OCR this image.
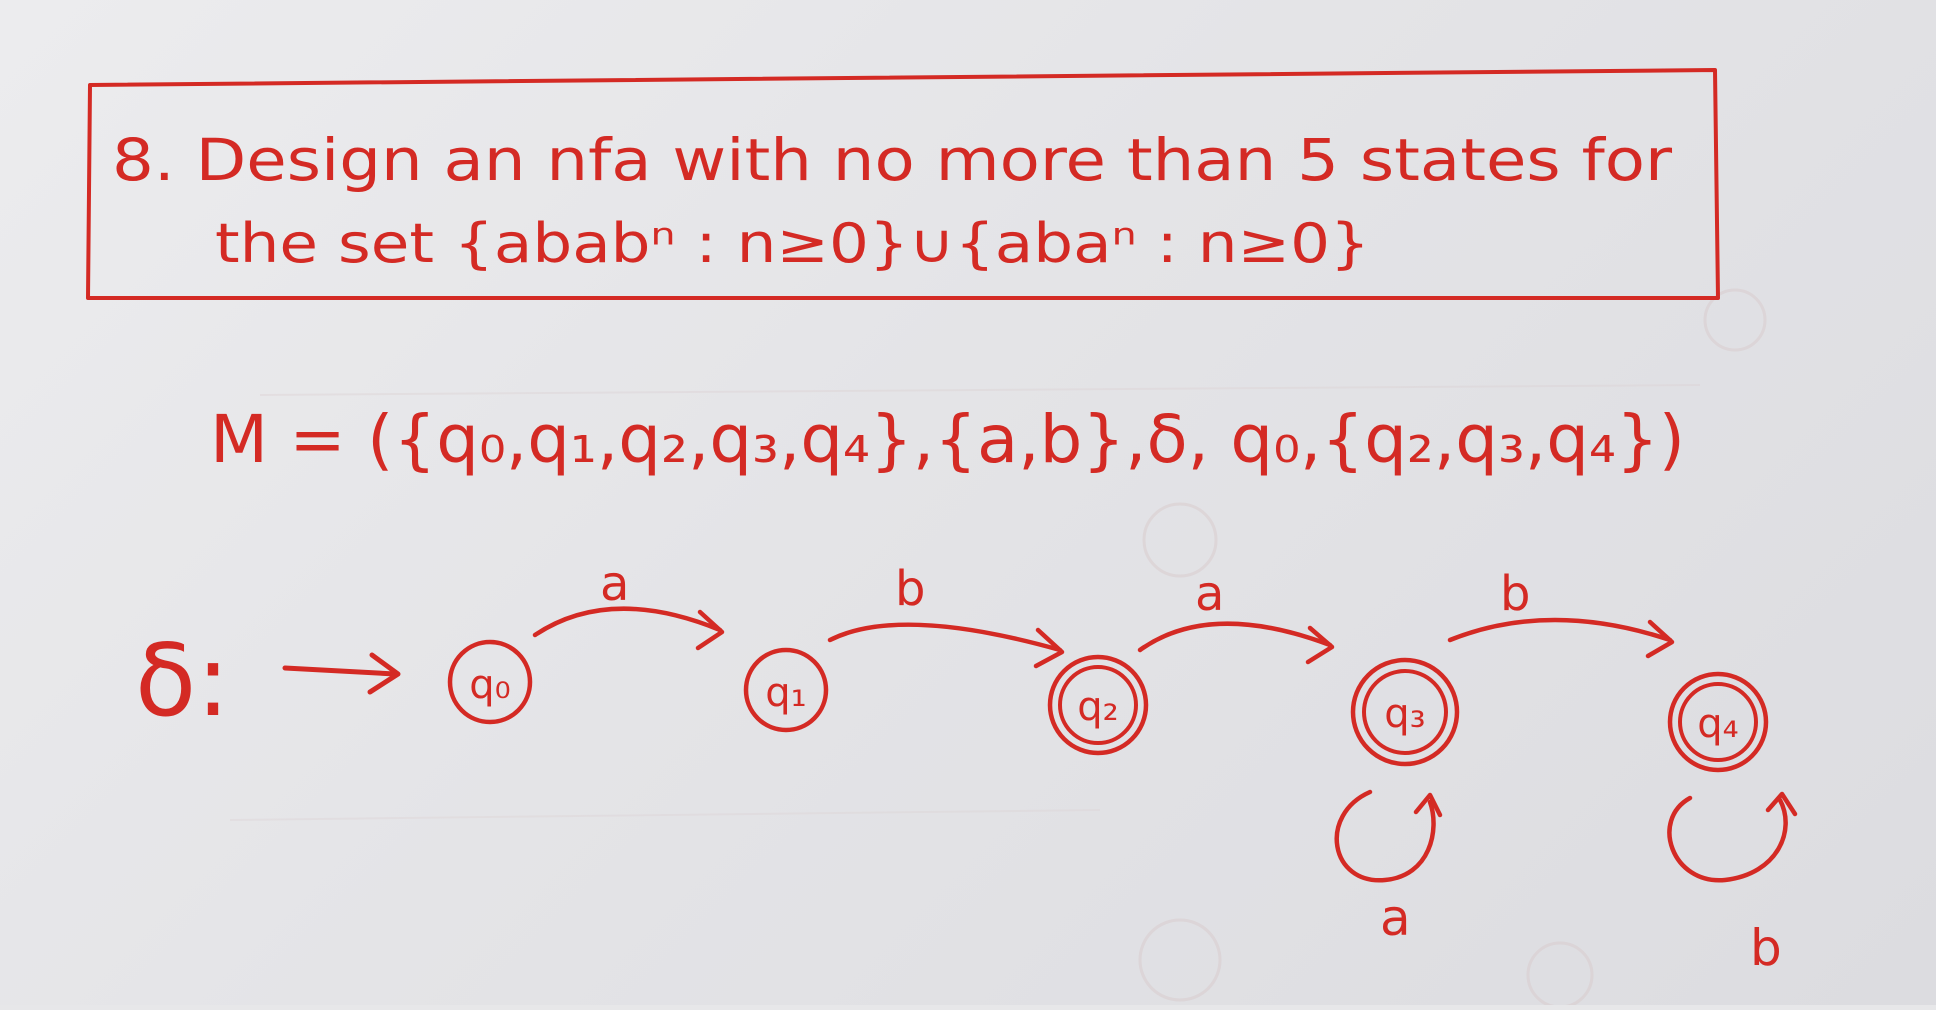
8. Design an nfa with no more than 5 states for
the set {ababⁿ : n≥0}∪{abaⁿ : n≥0}
M = ({q₀,q₁,q₂,q₃,q₄},{a,b},δ, q₀,{q₂,q₃,q₄})
δ:
a	b	a	b
q₀	q₁	q₂	q₃	q₄
a
b
